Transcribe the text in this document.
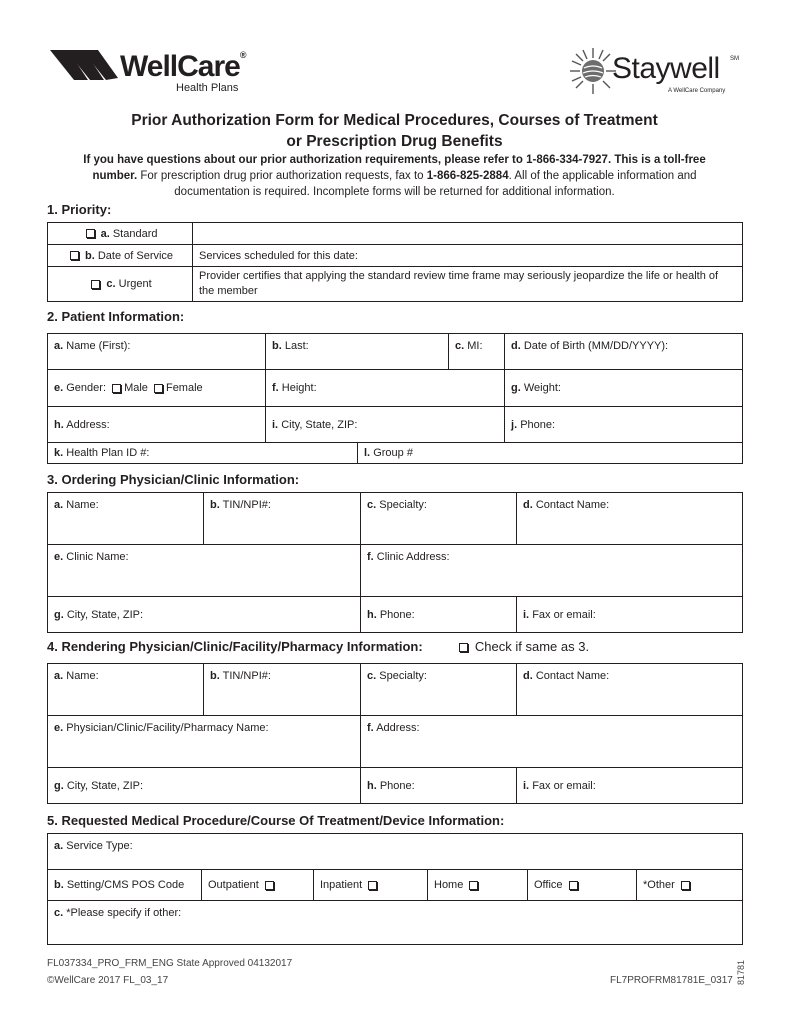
WellCare®
Health Plans
Staywell SM
A WellCare Company
Prior Authorization Form for Medical Procedures, Courses of Treatment
or Prescription Drug Benefits
If you have questions about our prior authorization requirements, please refer to 1-866-334-7927. This is a toll-free number. For prescription drug prior authorization requests, fax to 1-866-825-2884. All of the applicable information and documentation is required. Incomplete forms will be returned for additional information.
1. Priority:
a. Standard	
b. Date of Service	Services scheduled for this date:
c. Urgent	Provider certifies that applying the standard review time frame may seriously jeopardize the life or health of the member
2. Patient Information:
a. Name (First):	b. Last:		c. MI:	d. Date of Birth (MM/DD/YYYY):
e. Gender: Male Female	f. Height:			g. Weight:
h. Address:	i. City, State, ZIP:			j. Phone:
k. Health Plan ID #:		l. Group #		
3. Ordering Physician/Clinic Information:
a. Name:	b. TIN/NPI#:	c. Specialty:	d. Contact Name:
e. Clinic Name:		f. Clinic Address:	
g. City, State, ZIP:		h. Phone:	i. Fax or email:
4. Rendering Physician/Clinic/Facility/Pharmacy Information:	Check if same as 3.
a. Name:	b. TIN/NPI#:	c. Specialty:	d. Contact Name:
e. Physician/Clinic/Facility/Pharmacy Name:		f. Address:	
g. City, State, ZIP:		h. Phone:	i. Fax or email:
5. Requested Medical Procedure/Course Of Treatment/Device Information:
a. Service Type:
b. Setting/CMS POS Code	Outpatient	Inpatient	Home	Office	*Other
c. *Please specify if other:
FL037334_PRO_FRM_ENG State Approved 04132017
©WellCare 2017 FL_03_17	FL7PROFRM81781E_0317 81781
